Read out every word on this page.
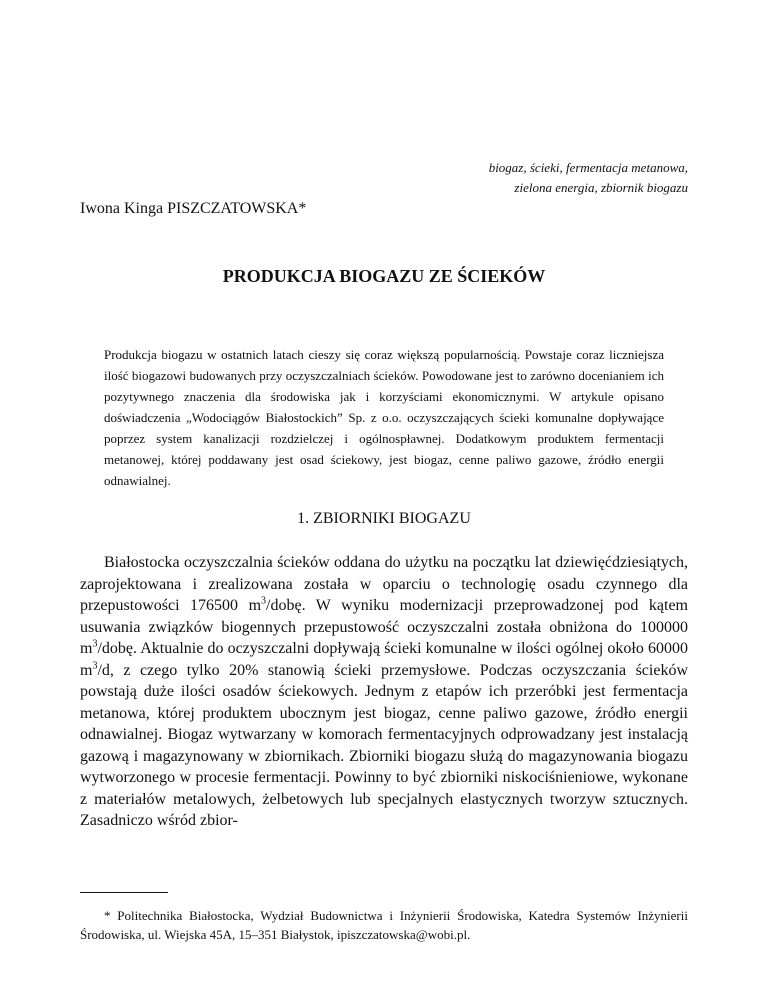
biogaz, ścieki, fermentacja metanowa,
zielona energia, zbiornik biogazu
Iwona Kinga PISZCZATOWSKA*
PRODUKCJA BIOGAZU ZE ŚCIEKÓW
Produkcja biogazu w ostatnich latach cieszy się coraz większą popularnością. Powstaje coraz liczniejsza ilość biogazowi budowanych przy oczyszczalniach ścieków. Powodowane jest to zarówno docenianiem ich pozytywnego znaczenia dla środowiska jak i korzyściami ekonomicznymi. W artykule opisano doświadczenia „Wodociągów Białostockich” Sp. z o.o. oczyszczających ścieki komunalne dopływające poprzez system kanalizacji rozdzielczej i ogólnospławnej. Dodatkowym produktem fermentacji metanowej, której poddawany jest osad ściekowy, jest biogaz, cenne paliwo gazowe, źródło energii odnawialnej.
1. ZBIORNIKI BIOGAZU

Białostocka oczyszczalnia ścieków oddana do użytku na początku lat dziewięćdziesiątych, zaprojektowana i zrealizowana została w oparciu o technologię osadu czynnego dla przepustowości 176500 $m^3$/dobę. W wyniku modernizacji przeprowadzonej pod kątem usuwania związków biogennych przepustowość oczyszczalni została obniżona do 100000 $m^3$/dobę. Aktualnie do oczyszczalni dopływają ścieki komunalne w ilości ogólnej około 60000 $m^3/d$, z czego tylko 20% stanowią ścieki przemysłowe. Podczas oczyszczania ścieków powstają duże ilości osadów ściekowych. Jednym z etapów ich przeróbki jest fermentacja metanowa, której produktem ubocznym jest biogaz, cenne paliwo gazowe, źródło energii odnawialnej. Biogaz wytwarzany w komorach fermentacyjnych odprowadzany jest instalacją gazową i magazynowany w zbiornikach. Zbiorniki biogazu służą do magazynowania biogazu wytworzonego w procesie fermentacji. Powinny to być zbiorniki niskociśnieniowe, wykonane z materiałów metalowych, żelbetowych lub specjalnych elastycznych tworzyw sztucznych. Zasadniczo wśród zbior-

* Politechnika Białostocka, Wydział Budownictwa i Inżynierii Środowiska, Katedra Systemów Inżynierii Środowiska, ul. Wiejska 45A, 15–351 Białystok, ipiszczatowska@wobi.pl.
